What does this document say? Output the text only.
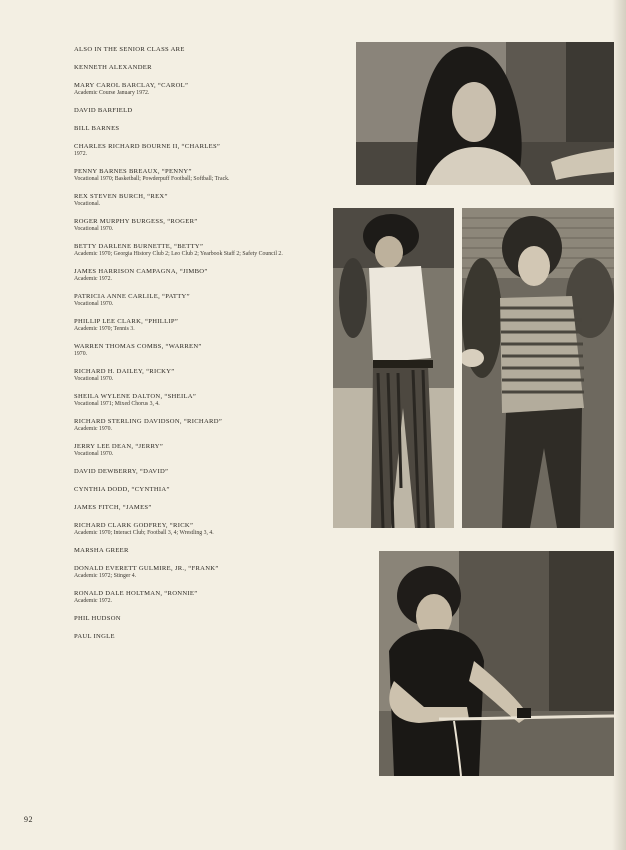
ALSO IN THE SENIOR CLASS ARE
KENNETH ALEXANDER
MARY CAROL BARCLAY, “CAROL”
Academic Course January 1972.
DAVID BARFIELD
BILL BARNES
CHARLES RICHARD BOURNE II, “CHARLES”
1972.
PENNY BARNES BREAUX, “PENNY”
Vocational 1970; Basketball; Powderpuff Football; Softball; Track.
REX STEVEN BURCH, “REX”
Vocational.
ROGER MURPHY BURGESS, “ROGER”
Vocational 1970.
BETTY DARLENE BURNETTE, “BETTY”
Academic 1970; Georgia History Club 2; Leo Club 2; Yearbook Staff 2; Safety Council 2.
JAMES HARRISON CAMPAGNA, “JIMBO”
Academic 1972.
PATRICIA ANNE CARLILE, “PATTY”
Vocational 1970.
PHILLIP LEE CLARK, “PHILLIP”
Academic 1970; Tennis 3.
WARREN THOMAS COMBS, “WARREN”
1970.
RICHARD H. DAILEY, “RICKY”
Vocational 1970.
SHEILA WYLENE DALTON, “SHEILA”
Vocational 1971; Mixed Chorus 3, 4.
RICHARD STERLING DAVIDSON, “RICHARD”
Academic 1970.
JERRY LEE DEAN, “JERRY”
Vocational 1970.
DAVID DEWBERRY, “DAVID”
CYNTHIA DODD, “CYNTHIA”
JAMES FITCH, “JAMES”
RICHARD CLARK GODFREY, “RICK”
Academic 1970; Interact Club; Football 3, 4; Wrestling 3, 4.
MARSHA GREER
DONALD EVERETT GULMIRE, JR., “FRANK”
Academic 1972; Stinger 4.
RONALD DALE HOLTMAN, “RONNIE”
Academic 1972.
PHIL HUDSON
PAUL INGLE
92
